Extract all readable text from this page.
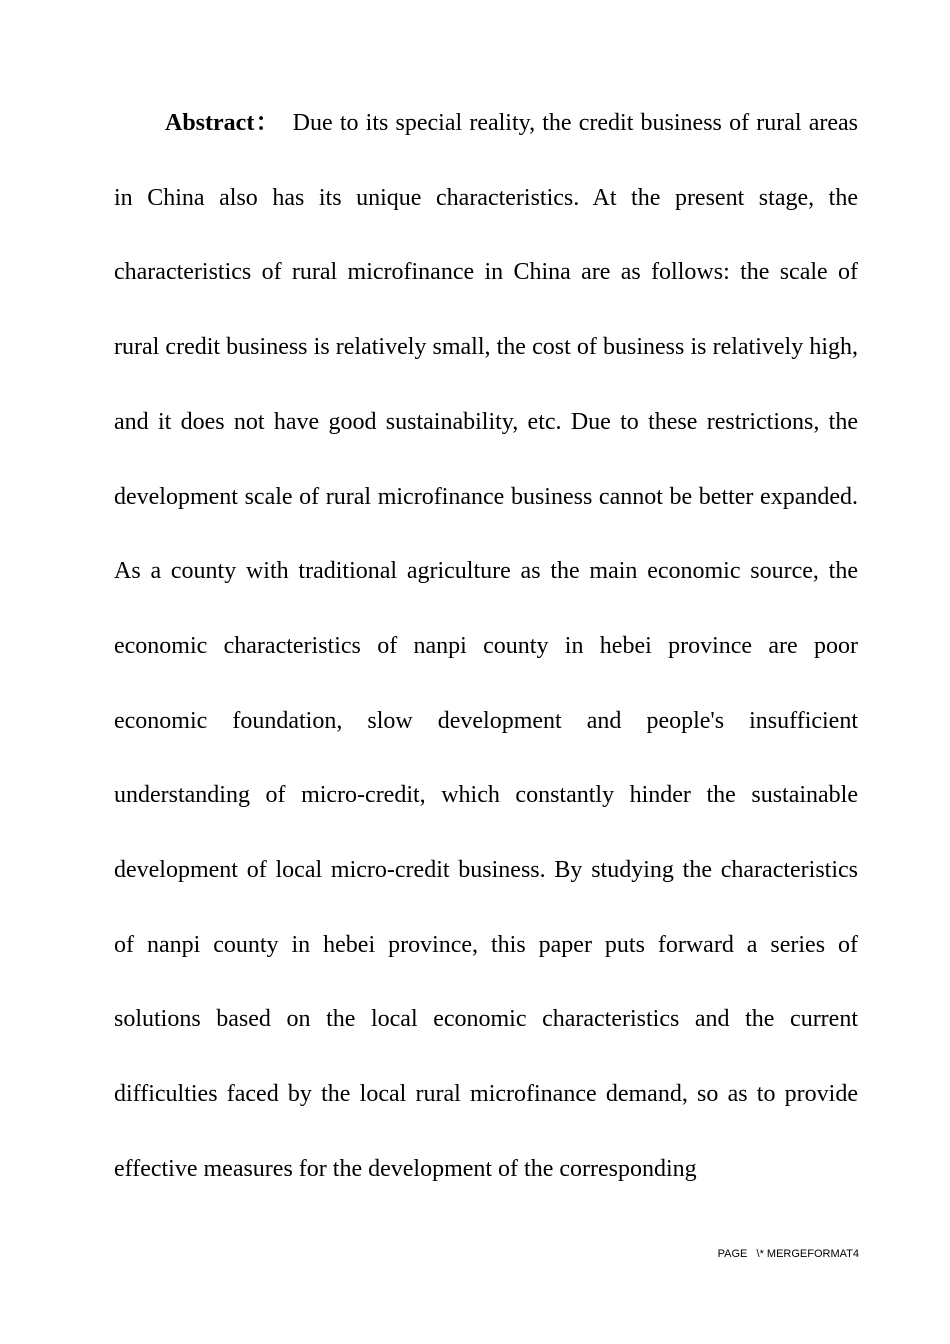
Abstract：  Due to its special reality, the credit business of rural areas in China also has its unique characteristics. At the present stage, the characteristics of rural microfinance in China are as follows: the scale of rural credit business is relatively small, the cost of business is relatively high, and it does not have good sustainability, etc. Due to these restrictions, the development scale of rural microfinance business cannot be better expanded. As a county with traditional agriculture as the main economic source, the economic characteristics of nanpi county in hebei province are poor economic foundation, slow development and people's insufficient understanding of micro-credit, which constantly hinder the sustainable development of local micro-credit business. By studying the characteristics of nanpi county in hebei province, this paper puts forward a series of solutions based on the local economic characteristics and the current difficulties faced by the local rural microfinance demand, so as to provide effective measures for the development of the corresponding

PAGE   \* MERGEFORMAT4
